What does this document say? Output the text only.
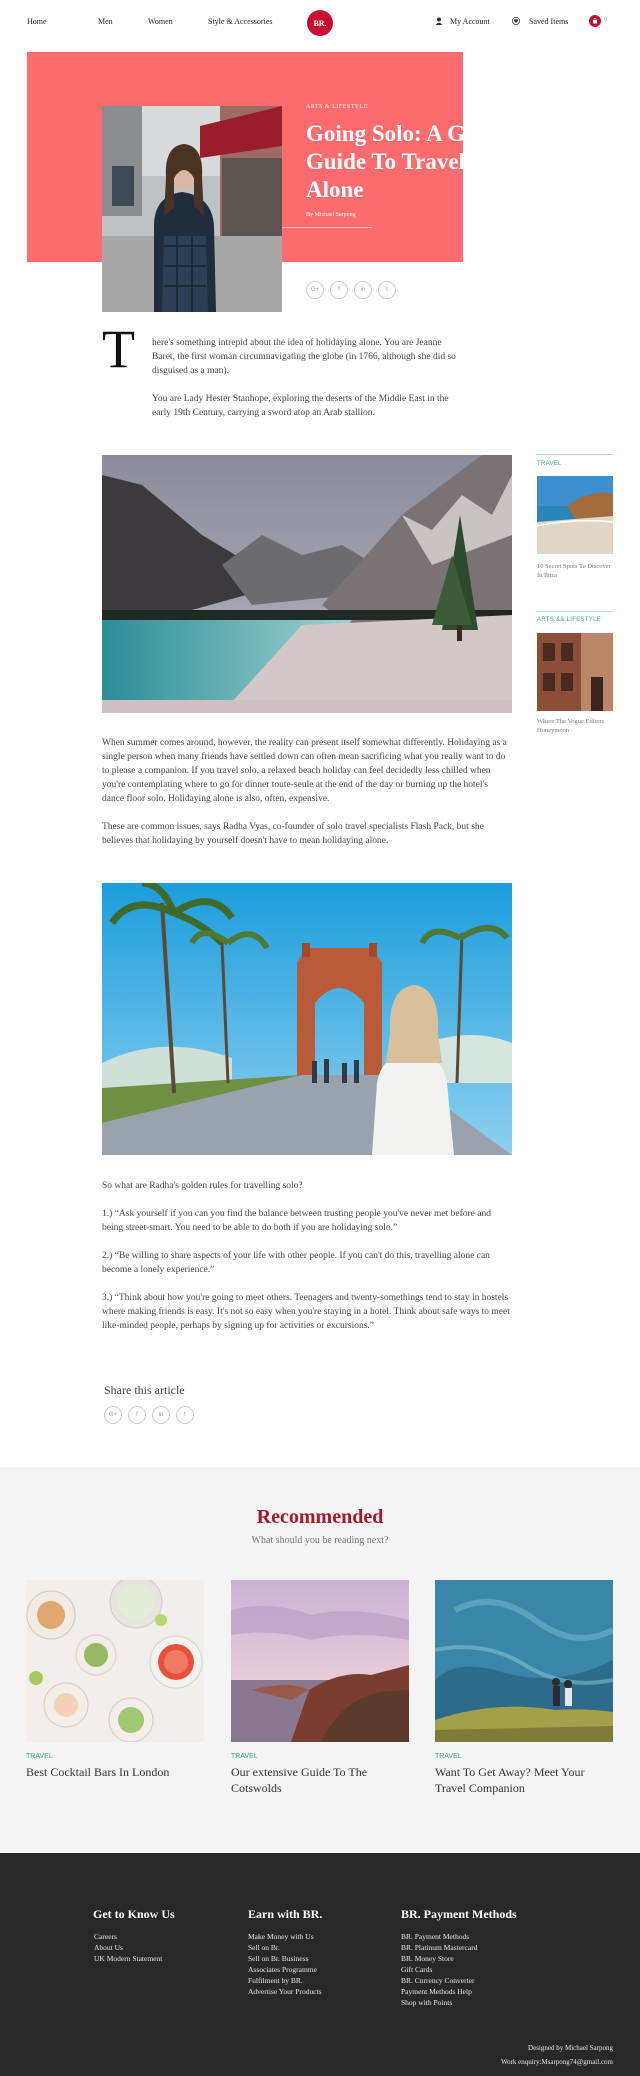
Home	Men	Women	Style & Accessories	BR.	My Account	Saved Items	0
ARTS & LIFESTYLE
Going Solo: A Girl's Guide To Travelling Alone
By Michael Sarpong
G+	f	in	t
T here's something intrepid about the idea of holidaying alone. You are Jeanne Baret, the first woman circumnavigating the globe (in 1766, although she did so disguised as a man).

You are Lady Hester Stanhope, exploring the deserts of the Middle East in the early 19th Century, carrying a sword atop an Arab stallion.

TRAVEL
10 Secret Spots To Discover In Ibiza
ARTS && LIFESTYLE
Where The Vogue Editors Honeymoon

When summer comes around, however, the reality can present itself somewhat differently. Holidaying as a single person when many friends have settled down can often mean sacrificing what you really want to do to please a companion. If you travel solo, a relaxed beach holiday can feel decidedly less chilled when you're contemplating where to go for dinner toute-seule at the end of the day or burning up the hotel's dance floor solo. Holidaying alone is also, often, expensive.

These are common issues, says Radha Vyas, co-founder of solo travel specialists Flash Pack, but she believes that holidaying by yourself doesn't have to mean holidaying alone.

So what are Radha's golden rules for travelling solo?

1.) “Ask yourself if you can you find the balance between trusting people you've never met before and being street-smart. You need to be able to do both if you are holidaying solo.”

2.) “Be willing to share aspects of your life with other people. If you can't do this, travelling alone can become a lonely experience.”

3.) “Think about how you're going to meet others. Teenagers and twenty-somethings tend to stay in hostels where making friends is easy. It's not so easy when you're staying in a hotel. Think about safe ways to meet like-minded people, perhaps by signing up for activities or excursions.”

Share this article
G+	f	in	t
Recommended
What should you be reading next?
TRAVEL
Best Cocktail Bars In London
TRAVEL
Our extensive Guide To The Cotswolds
TRAVEL
Want To Get Away? Meet Your Travel Companion
Get to Know Us
Careers
About Us
UK Modern Statement
Earn with BR.
Make Money with Us
Sell on Br.
Sell on Br. Business
Associates Programme
Fulfilment by BR.
Advertise Your Products
BR. Payment Methods
BR. Payment Methods
BR. Platinum Mastercard
BR. Money Store
Gift Cards
BR. Currency Converter
Payment Methods Help
Shop with Points
Designed by Michael Sarpong
Work enquiry:Msarpong74@gmail.com
